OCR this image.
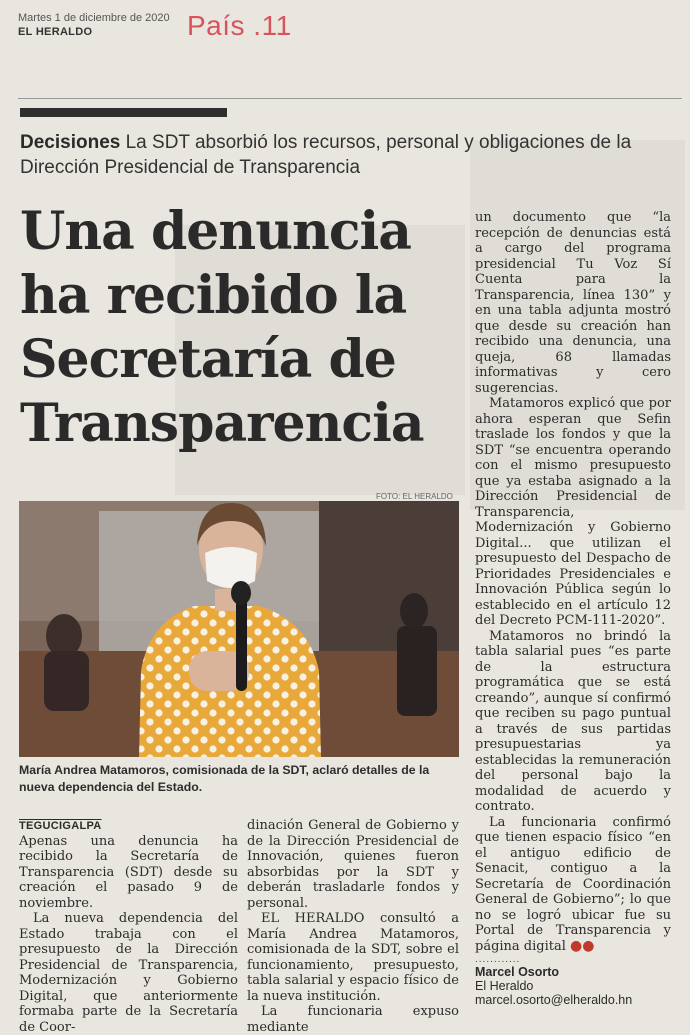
Martes 1 de diciembre de 2020
EL HERALDO	País .11
Decisiones La SDT absorbió los recursos, personal y obligaciones de la Dirección Presidencial de Transparencia
Una denuncia ha recibido la Secretaría de Transparencia
FOTO: EL HERALDO
María Andrea Matamoros, comisionada de la SDT, aclaró detalles de la nueva dependencia del Estado.

TEGUCIGALPA

Apenas una denuncia ha recibido la Secretaría de Transparencia (SDT) desde su creación el pasado 9 de noviembre.

La nueva dependencia del Estado trabaja con el presupuesto de la Dirección Presidencial de Transparencia, Modernización y Gobierno Digital, que anteriormente formaba parte de la Secretaría de Coor-

dinación General de Gobierno y de la Dirección Presidencial de Innovación, quienes fueron absorbidas por la SDT y deberán trasladarle fondos y personal.

EL HERALDO consultó a María Andrea Matamoros, comisionada de la SDT, sobre el funcionamiento, presupuesto, tabla salarial y espacio físico de la nueva institución.

La funcionaria expuso mediante

un documento que “la recepción de denuncias está a cargo del programa presidencial Tu Voz Sí Cuenta para la Transparencia, línea 130” y en una tabla adjunta mostró que desde su creación han recibido una denuncia, una queja, 68 llamadas informativas y cero sugerencias.

Matamoros explicó que por ahora esperan que Sefin traslade los fondos y que la SDT “se encuentra operando con el mismo presupuesto que ya estaba asignado a la Dirección Presidencial de Transparencia, Modernización y Gobierno Digital... que utilizan el presupuesto del Despacho de Prioridades Presidenciales e Innovación Pública según lo establecido en el artículo 12 del Decreto PCM-111-2020”.

Matamoros no brindó la tabla salarial pues “es parte de la estructura programática que se está creando”, aunque sí confirmó que reciben su pago puntual a través de sus partidas presupuestarias ya establecidas la remuneración del personal bajo la modalidad de acuerdo y contrato.

La funcionaria confirmó que tienen espacio físico “en el antiguo edificio de Senacit, contiguo a la Secretaría de Coordinación General de Gobierno”; lo que no se logró ubicar fue su Portal de Transparencia y página digital ●●

............
Marcel Osorto
El Heraldo
marcel.osorto@elheraldo.hn
